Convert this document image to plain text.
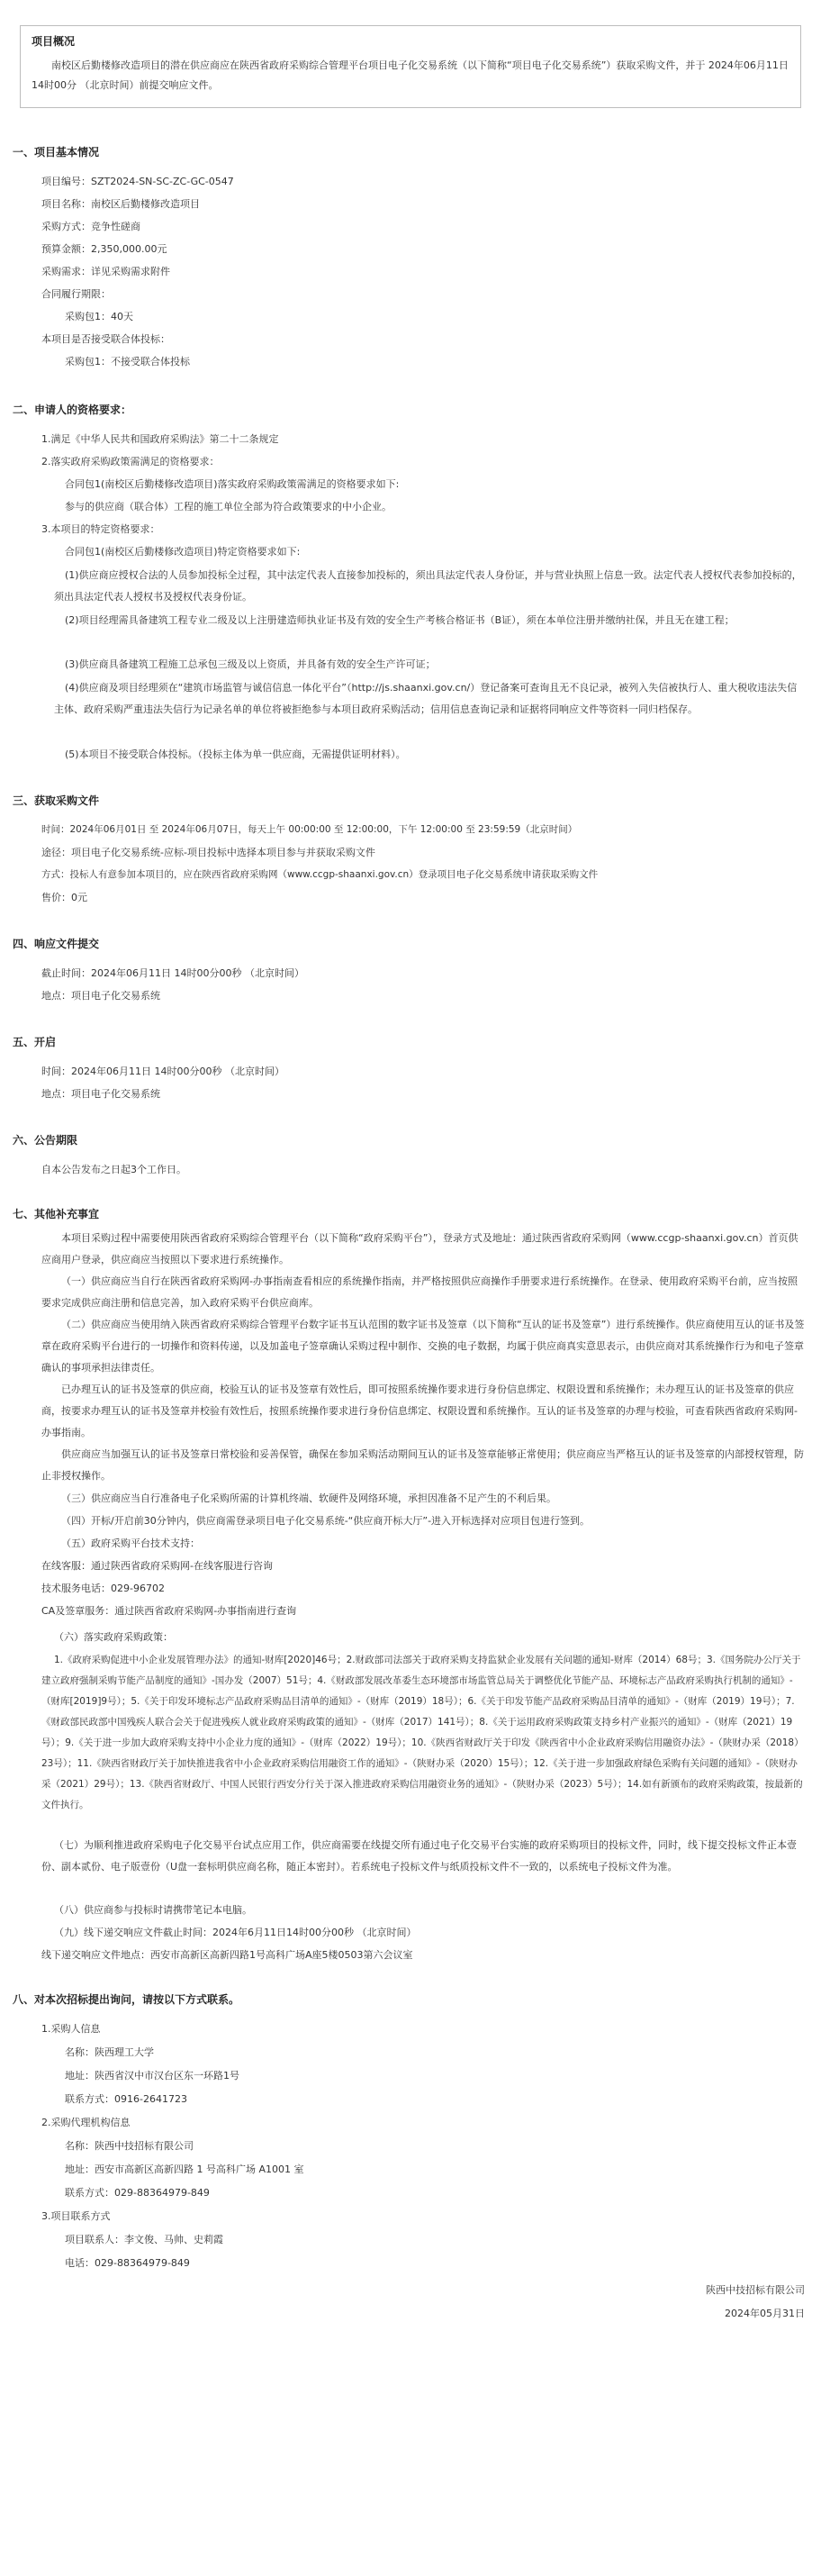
项目概况

南校区后勤楼修改造项目的潜在供应商应在陕西省政府采购综合管理平台项目电子化交易系统（以下简称“项目电子化交易系统”）获取采购文件，并于 2024年06月11日 14时00分 （北京时间）前提交响应文件。

一、项目基本情况
项目编号：SZT2024-SN-SC-ZC-GC-0547
项目名称：南校区后勤楼修改造项目
采购方式：竞争性磋商
预算金额：2,350,000.00元
采购需求：详见采购需求附件
合同履行期限：
采购包1：40天
本项目是否接受联合体投标：
采购包1：不接受联合体投标
二、申请人的资格要求：
1.满足《中华人民共和国政府采购法》第二十二条规定
2.落实政府采购政策需满足的资格要求：
合同包1(南校区后勤楼修改造项目)落实政府采购政策需满足的资格要求如下:
参与的供应商（联合体）工程的施工单位全部为符合政策要求的中小企业。
3.本项目的特定资格要求：
合同包1(南校区后勤楼修改造项目)特定资格要求如下:
(1)供应商应授权合法的人员参加投标全过程，其中法定代表人直接参加投标的，须出具法定代表人身份证，并与营业执照上信息一致。法定代表人授权代表参加投标的，须出具法定代表人授权书及授权代表身份证。
(2)项目经理需具备建筑工程专业二级及以上注册建造师执业证书及有效的安全生产考核合格证书（B证），须在本单位注册并缴纳社保，并且无在建工程；
(3)供应商具备建筑工程施工总承包三级及以上资质，并具备有效的安全生产许可证；
(4)供应商及项目经理须在“建筑市场监管与诚信信息一体化平台”（http://js.shaanxi.gov.cn/）登记备案可查询且无不良记录，被列入失信被执行人、重大税收违法失信主体、政府采购严重违法失信行为记录名单的单位将被拒绝参与本项目政府采购活动；信用信息查询记录和证据将同响应文件等资料一同归档保存。
(5)本项目不接受联合体投标。（投标主体为单一供应商，无需提供证明材料）。
三、获取采购文件
时间：2024年06月01日 至 2024年06月07日，每天上午 00:00:00 至 12:00:00，下午 12:00:00 至 23:59:59（北京时间）
途径：项目电子化交易系统-应标-项目投标中选择本项目参与并获取采购文件
方式：投标人有意参加本项目的，应在陕西省政府采购网（www.ccgp-shaanxi.gov.cn）登录项目电子化交易系统申请获取采购文件
售价：0元
四、响应文件提交
截止时间：2024年06月11日 14时00分00秒 （北京时间）
地点：项目电子化交易系统
五、开启
时间：2024年06月11日 14时00分00秒 （北京时间）
地点：项目电子化交易系统
六、公告期限
自本公告发布之日起3个工作日。
七、其他补充事宜
本项目采购过程中需要使用陕西省政府采购综合管理平台（以下简称“政府采购平台”），登录方式及地址：通过陕西省政府采购网（www.ccgp-shaanxi.gov.cn）首页供应商用户登录，供应商应当按照以下要求进行系统操作。
（一）供应商应当自行在陕西省政府采购网-办事指南查看相应的系统操作指南，并严格按照供应商操作手册要求进行系统操作。在登录、使用政府采购平台前，应当按照要求完成供应商注册和信息完善，加入政府采购平台供应商库。
（二）供应商应当使用纳入陕西省政府采购综合管理平台数字证书互认范围的数字证书及签章（以下简称“互认的证书及签章”）进行系统操作。供应商使用互认的证书及签章在政府采购平台进行的一切操作和资料传递，以及加盖电子签章确认采购过程中制作、交换的电子数据，均属于供应商真实意思表示，由供应商对其系统操作行为和电子签章确认的事项承担法律责任。
已办理互认的证书及签章的供应商，校验互认的证书及签章有效性后，即可按照系统操作要求进行身份信息绑定、权限设置和系统操作；未办理互认的证书及签章的供应商，按要求办理互认的证书及签章并校验有效性后，按照系统操作要求进行身份信息绑定、权限设置和系统操作。互认的证书及签章的办理与校验，可查看陕西省政府采购网-办事指南。
供应商应当加强互认的证书及签章日常校验和妥善保管，确保在参加采购活动期间互认的证书及签章能够正常使用；供应商应当严格互认的证书及签章的内部授权管理，防止非授权操作。
（三）供应商应当自行准备电子化采购所需的计算机终端、软硬件及网络环境，承担因准备不足产生的不利后果。
（四）开标/开启前30分钟内，供应商需登录项目电子化交易系统-“供应商开标大厅”-进入开标选择对应项目包进行签到。
（五）政府采购平台技术支持：
在线客服：通过陕西省政府采购网-在线客服进行咨询
技术服务电话：029-96702
CA及签章服务：通过陕西省政府采购网-办事指南进行查询
（六）落实政府采购政策：
1.《政府采购促进中小企业发展管理办法》的通知-财库[2020]46号；2.财政部司法部关于政府采购支持监狱企业发展有关问题的通知-财库（2014）68号；3.《国务院办公厅关于建立政府强制采购节能产品制度的通知》-国办发（2007）51号；4.《财政部发展改革委生态环境部市场监管总局关于调整优化节能产品、环境标志产品政府采购执行机制的通知》-（财库[2019]9号）；5.《关于印发环境标志产品政府采购品目清单的通知》-（财库（2019）18号）；6.《关于印发节能产品政府采购品目清单的通知》-（财库（2019）19号）；7.《财政部民政部中国残疾人联合会关于促进残疾人就业政府采购政策的通知》-（财库（2017）141号）；8.《关于运用政府采购政策支持乡村产业振兴的通知》-（财库（2021）19号）；9.《关于进一步加大政府采购支持中小企业力度的通知》-（财库（2022）19号）；10.《陕西省财政厅关于印发《陕西省中小企业政府采购信用融资办法》-（陕财办采（2018）23号）；11.《陕西省财政厅关于加快推进我省中小企业政府采购信用融资工作的通知》-（陕财办采（2020）15号）；12.《关于进一步加强政府绿色采购有关问题的通知》-（陕财办采（2021）29号）；13.《陕西省财政厅、中国人民银行西安分行关于深入推进政府采购信用融资业务的通知》-（陕财办采（2023）5号）；14.如有新颁布的政府采购政策，按最新的文件执行。
（七）为顺利推进政府采购电子化交易平台试点应用工作，供应商需要在线提交所有通过电子化交易平台实施的政府采购项目的投标文件，同时，线下提交投标文件正本壹份、副本贰份、电子版壹份（U盘一套标明供应商名称，随正本密封）。若系统电子投标文件与纸质投标文件不一致的，以系统电子投标文件为准。
（八）供应商参与投标时请携带笔记本电脑。
（九）线下递交响应文件截止时间：2024年6月11日14时00分00秒 （北京时间）
线下递交响应文件地点：西安市高新区高新四路1号高科广场A座5楼0503第六会议室
八、对本次招标提出询问，请按以下方式联系。
1.采购人信息
名称：陕西理工大学
地址：陕西省汉中市汉台区东一环路1号
联系方式：0916-2641723
2.采购代理机构信息
名称：陕西中技招标有限公司
地址：西安市高新区高新四路 1 号高科广场 A1001 室
联系方式：029-88364979-849
3.项目联系方式
项目联系人：李文俊、马帅、史莉霞
电话：029-88364979-849
陕西中技招标有限公司
2024年05月31日
